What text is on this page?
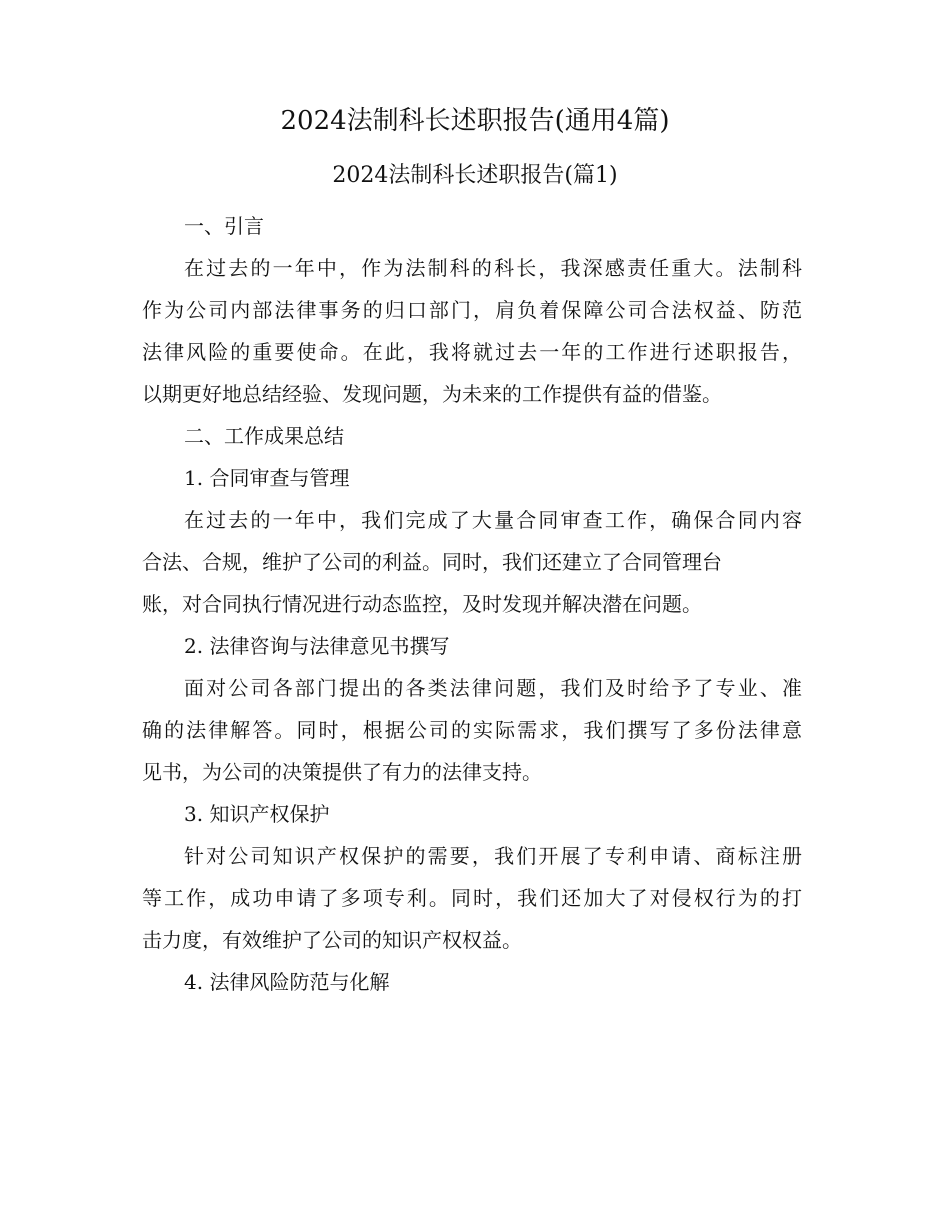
2024法制科长述职报告(通用4篇)
2024法制科长述职报告(篇1)
一、引言
在过去的一年中，作为法制科的科长，我深感责任重大。法制科
作为公司内部法律事务的归口部门，肩负着保障公司合法权益、防范
法律风险的重要使命。在此，我将就过去一年的工作进行述职报告，
以期更好地总结经验、发现问题，为未来的工作提供有益的借鉴。
二、工作成果总结
1. 合同审查与管理
在过去的一年中，我们完成了大量合同审查工作，确保合同内容
合法、合规，维护了公司的利益。同时，我们还建立了合同管理台
账，对合同执行情况进行动态监控，及时发现并解决潜在问题。
2. 法律咨询与法律意见书撰写
面对公司各部门提出的各类法律问题，我们及时给予了专业、准
确的法律解答。同时，根据公司的实际需求，我们撰写了多份法律意
见书，为公司的决策提供了有力的法律支持。
3. 知识产权保护
针对公司知识产权保护的需要，我们开展了专利申请、商标注册
等工作，成功申请了多项专利。同时，我们还加大了对侵权行为的打
击力度，有效维护了公司的知识产权权益。
4. 法律风险防范与化解
